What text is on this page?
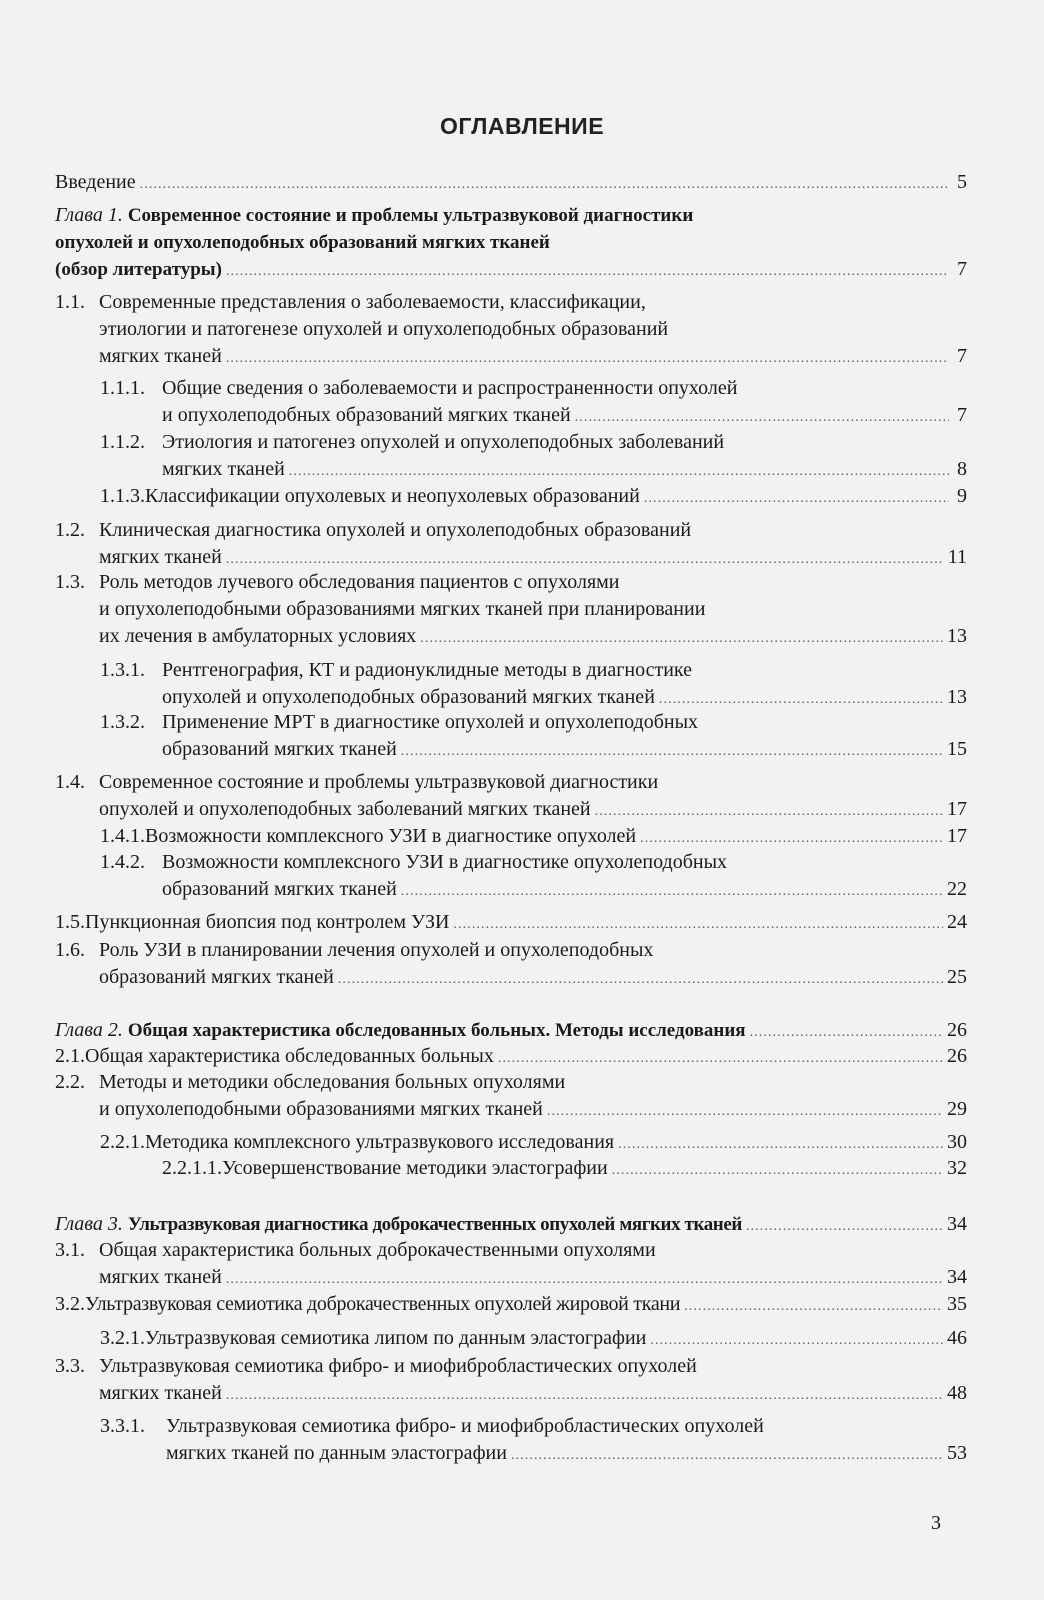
ОГЛАВЛЕНИЕ
Введение . . .	5
Глава 1. Современное состояние и проблемы ультразвуковой диагностики
опухолей и опухолеподобных образований мягких тканей
(обзор литературы) . . .	7
1.1. Современные представления о заболеваемости, классификации,
этиологии и патогенезе опухолей и опухолеподобных образований
мягких тканей . . .	7
1.1.1. Общие сведения о заболеваемости и распространенности опухолей
и опухолеподобных образований мягких тканей . . .	7
1.1.2. Этиология и патогенез опухолей и опухолеподобных заболеваний
мягких тканей . . .	8
1.1.3. Классификации опухолевых и неопухолевых образований . . .	9
1.2. Клиническая диагностика опухолей и опухолеподобных образований
мягких тканей . . .	11
1.3. Роль методов лучевого обследования пациентов с опухолями
и опухолеподобными образованиями мягких тканей при планировании
их лечения в амбулаторных условиях . . .	13
1.3.1. Рентгенография, КТ и радионуклидные методы в диагностике
опухолей и опухолеподобных образований мягких тканей . . .	13
1.3.2. Применение МРТ в диагностике опухолей и опухолеподобных
образований мягких тканей . . .	15
1.4. Современное состояние и проблемы ультразвуковой диагностики
опухолей и опухолеподобных заболеваний мягких тканей . . .	17
1.4.1. Возможности комплексного УЗИ в диагностике опухолей . . .	17
1.4.2. Возможности комплексного УЗИ в диагностике опухолеподобных
образований мягких тканей . . .	22
1.5. Пункционная биопсия под контролем УЗИ . . .	24
1.6. Роль УЗИ в планировании лечения опухолей и опухолеподобных
образований мягких тканей . . .	25
Глава 2.
Общая характеристика обследованных больных. Методы исследования . . .	26
2.1. Общая характеристика обследованных больных . . .	26
2.2. Методы и методики обследования больных опухолями
и опухолеподобными образованиями мягких тканей . . .	29
2.2.1. Методика комплексного ультразвукового исследования . . .	30
2.2.1.1. Усовершенствование методики эластографии . . .	32
Глава 3.
Ультразвуковая диагностика доброкачественных опухолей мягких тканей . . .	34
3.1. Общая характеристика больных доброкачественными опухолями
мягких тканей . . .	34
3.2. Ультразвуковая семиотика доброкачественных опухолей жировой ткани . . .	35
3.2.1. Ультразвуковая семиотика липом по данным эластографии . . .	46
3.3. Ультразвуковая семиотика фибро- и миофибробластических опухолей
мягких тканей . . .	48
3.3.1. Ультразвуковая семиотика фибро- и миофибробластических опухолей
мягких тканей по данным эластографии . . .	53
3
